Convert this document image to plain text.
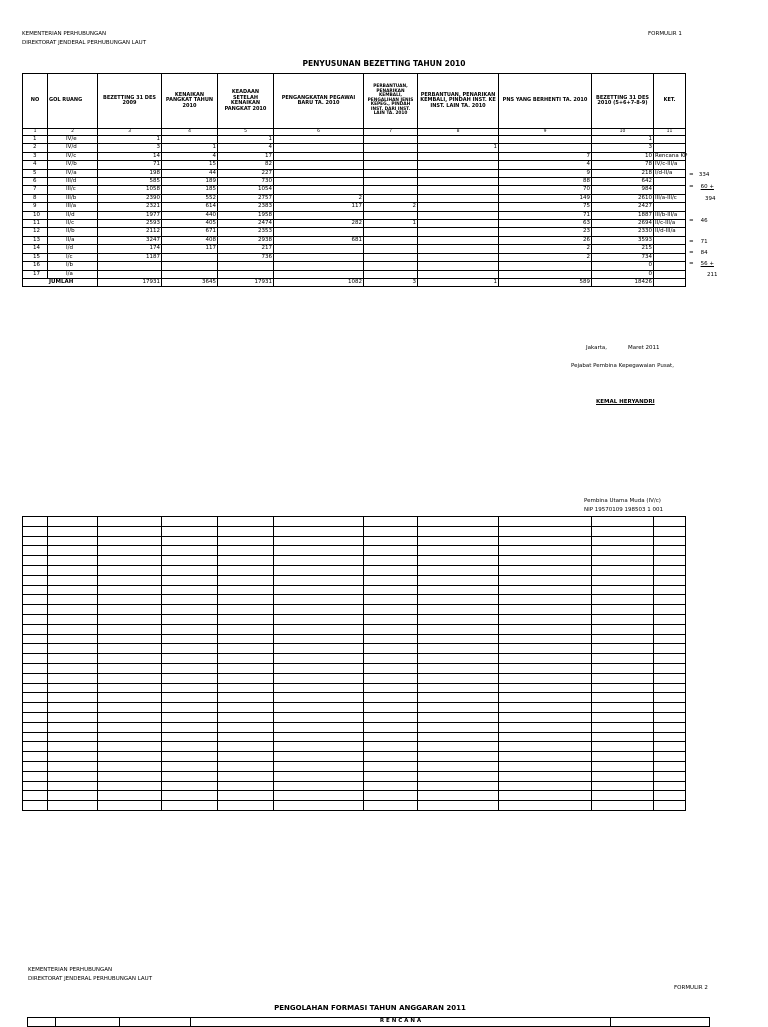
KEMENTERIAN PERHUBUNGAN
DIREKTORAT JENDERAL PERHUBUNGAN LAUT
FORMULIR 1
PENYUSUNAN BEZETTING TAHUN 2010
NO	GOL RUANG	BEZETTING 31 DES 2009	KENAIKAN PANGKAT TAHUN 2010	KEADAAN SETELAH KENAIKAN PANGKAT 2010	PENGANGKATAN PEGAWAI BARU TA. 2010	PERBANTUAN, PENARIKAN KEMBALI, PENGALIHAN JENIS KEPEG., PINDAH INST. DARI INST. LAIN TA. 2010	PERBANTUAN, PENARIKAN KEMBALI, PINDAH INST. KE INST. LAIN TA. 2010	PNS YANG BERHENTI TA. 2010	BEZETTING 31 DES 2010 (5+6+7-8-9)	KET.
1	2	3	4	5	6	7	8	9	10	11
1	IV/e	1		1					1	
2	IV/d	3	1	4			1		3	
3	IV/c	14	4	17				7	10	Rencana KP
4	IV/b	71	15	82				4	78	IV/c-III/a
5	IV/a	198	44	227				9	218	I/d-II/a
6	III/d	585	189	730				88	642	
7	III/c	1058	185	1054				70	984	
8	III/b	2390	552	2757	2			149	2610	III/a-III/c
9	III/a	2321	614	2383	117	2		75	2427	
10	II/d	1977	440	1958				71	1887	III/b-III/a
11	II/c	2593	405	2474	282	1		63	2694	II/c-III/a
12	II/b	2112	671	2353				23	2330	II/d-III/a
13	II/a	3247	408	2938	681			26	3593	
14	I/d	174	117	217				2	215	
15	I/c	1187		736				2	734	
16	I/b								0	
17	I/a								0	
JUMLAH		17931	3645	17931	1082	3	1	589	18426	
= 334
= 60 +
394
= 46
= 71
= 84
= 56 +
211
Jakarta,	Maret 2011
Pejabat Pembina Kepegawaian Pusat,
KEMAL HERYANDRI
Pembina Utama Muda (IV/c)
NIP 19570109 198503 1 001

KEMENTERIAN PERHUBUNGAN
DIREKTORAT JENDERAL PERHUBUNGAN LAUT
FORMULIR 2
PENGOLAHAN FORMASI TAHUN ANGGARAN 2011
			R E N C A N A	
